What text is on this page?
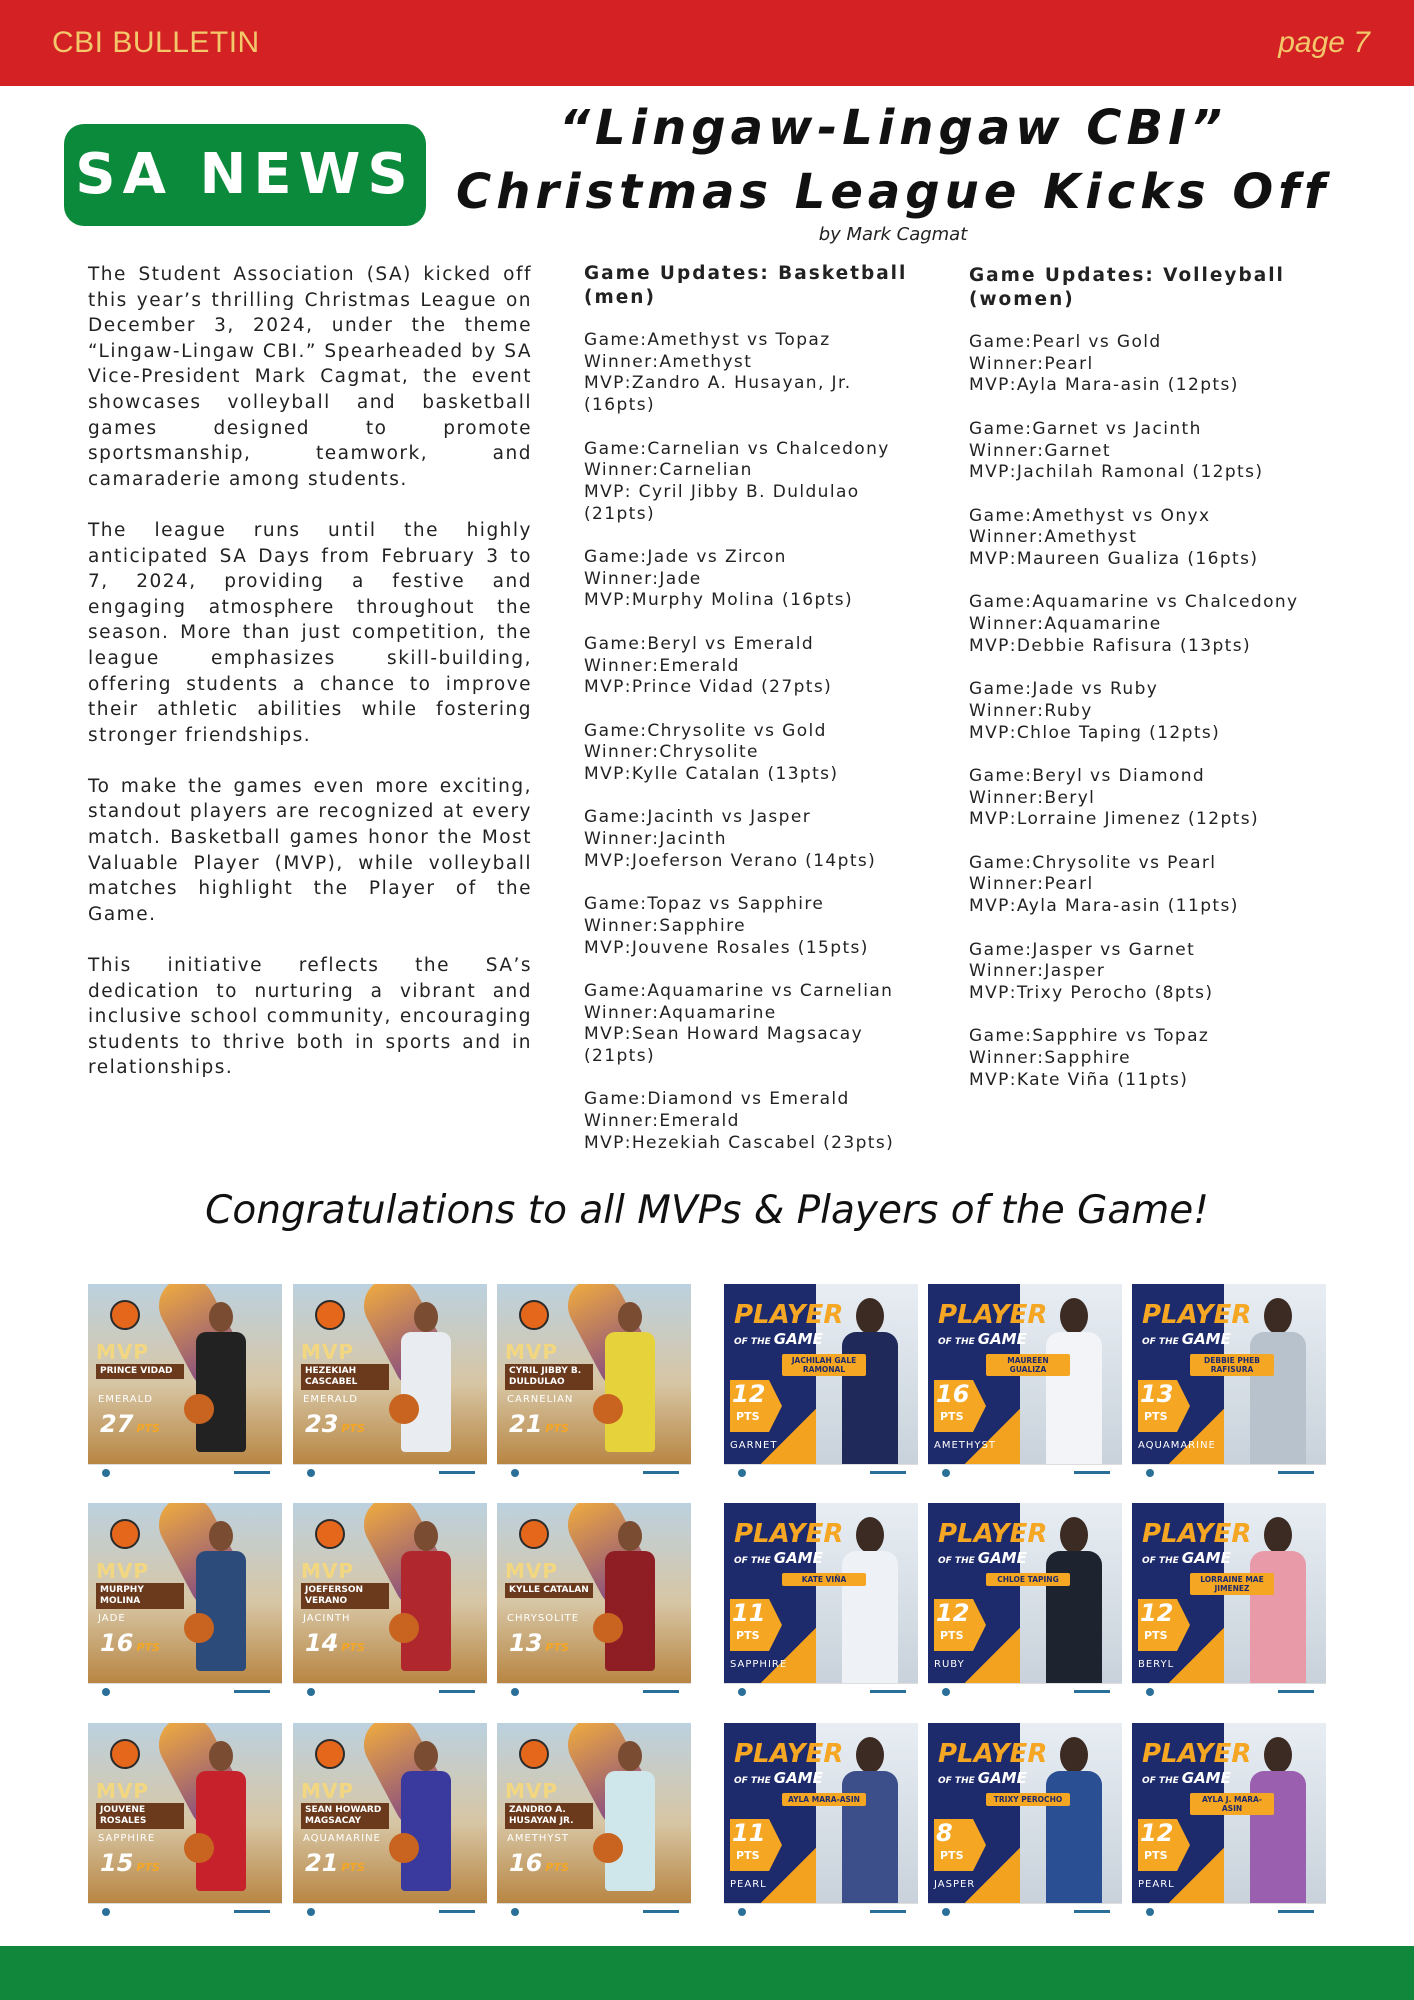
CBI BULLETIN	page 7
SA NEWS
“Lingaw-Lingaw CBI”
Christmas League Kicks Off
by Mark Cagmat

The Student Association (SA) kicked off this year’s thrilling Christmas League on December 3, 2024, under the theme “Lingaw-Lingaw CBI.” Spearheaded by SA Vice-President Mark Cagmat, the event showcases volleyball and basketball games designed to promote sportsmanship, teamwork, and camaraderie among students.

The league runs until the highly anticipated SA Days from February 3 to 7, 2024, providing a festive and engaging atmosphere throughout the season. More than just competition, the league emphasizes skill-building, offering students a chance to improve their athletic abilities while fostering stronger friendships.

To make the games even more exciting, standout players are recognized at every match. Basketball games honor the Most Valuable Player (MVP), while volleyball matches highlight the Player of the Game.

This initiative reflects the SA’s dedication to nurturing a vibrant and inclusive school community, encouraging students to thrive both in sports and in relationships.

Game Updates: Basketball (men)
Game:Amethyst vs Topaz
Winner:Amethyst
MVP:Zandro A. Husayan, Jr. (16pts)
Game:Carnelian vs Chalcedony
Winner:Carnelian
MVP: Cyril Jibby B. Duldulao (21pts)
Game:Jade vs Zircon
Winner:Jade
MVP:Murphy Molina (16pts)
Game:Beryl vs Emerald
Winner:Emerald
MVP:Prince Vidad (27pts)
Game:Chrysolite vs Gold
Winner:Chrysolite
MVP:Kylle Catalan (13pts)
Game:Jacinth vs Jasper
Winner:Jacinth
MVP:Joeferson Verano (14pts)
Game:Topaz vs Sapphire
Winner:Sapphire
MVP:Jouvene Rosales (15pts)
Game:Aquamarine vs Carnelian
Winner:Aquamarine
MVP:Sean Howard Magsacay (21pts)
Game:Diamond vs Emerald
Winner:Emerald
MVP:Hezekiah Cascabel (23pts)
Game Updates: Volleyball (women)
Game:Pearl vs Gold
Winner:Pearl
MVP:Ayla Mara-asin (12pts)
Game:Garnet vs Jacinth
Winner:Garnet
MVP:Jachilah Ramonal (12pts)
Game:Amethyst vs Onyx
Winner:Amethyst
MVP:Maureen Gualiza (16pts)
Game:Aquamarine vs Chalcedony
Winner:Aquamarine
MVP:Debbie Rafisura (13pts)
Game:Jade vs Ruby
Winner:Ruby
MVP:Chloe Taping (12pts)
Game:Beryl vs Diamond
Winner:Beryl
MVP:Lorraine Jimenez (12pts)
Game:Chrysolite vs Pearl
Winner:Pearl
MVP:Ayla Mara-asin (11pts)
Game:Jasper vs Garnet
Winner:Jasper
MVP:Trixy Perocho (8pts)
Game:Sapphire vs Topaz
Winner:Sapphire
MVP:Kate Viña (11pts)
Congratulations to all MVPs & Players of the Game!
MVP
PRINCE VIDAD
EMERALD
27 PTS
MVP
HEZEKIAH CASCABEL
EMERALD
23 PTS
MVP
CYRIL JIBBY B. DULDULAO
CARNELIAN
21 PTS
MVP
MURPHY MOLINA
JADE
16 PTS
MVP
JOEFERSON VERANO
JACINTH
14 PTS
MVP
KYLLE CATALAN
CHRYSOLITE
13 PTS
MVP
JOUVENE ROSALES
SAPPHIRE
15 PTS
MVP
SEAN HOWARD MAGSACAY
AQUAMARINE
21 PTS
MVP
ZANDRO A. HUSAYAN JR.
AMETHYST
16 PTS
PLAYER
OF THE GAME
JACHILAH GALE RAMONAL
12
PTS
GARNET
PLAYER
OF THE GAME
MAUREEN GUALIZA
16
PTS
AMETHYST
PLAYER
OF THE GAME
DEBBIE PHEB RAFISURA
13
PTS
AQUAMARINE
PLAYER
OF THE GAME
KATE VIÑA
11
PTS
SAPPHIRE
PLAYER
OF THE GAME
CHLOE TAPING
12
PTS
RUBY
PLAYER
OF THE GAME
LORRAINE MAE JIMENEZ
12
PTS
BERYL
PLAYER
OF THE GAME
AYLA MARA-ASIN
11
PTS
PEARL
PLAYER
OF THE GAME
TRIXY PEROCHO
8
PTS
JASPER
PLAYER
OF THE GAME
AYLA J. MARA-ASIN
12
PTS
PEARL
